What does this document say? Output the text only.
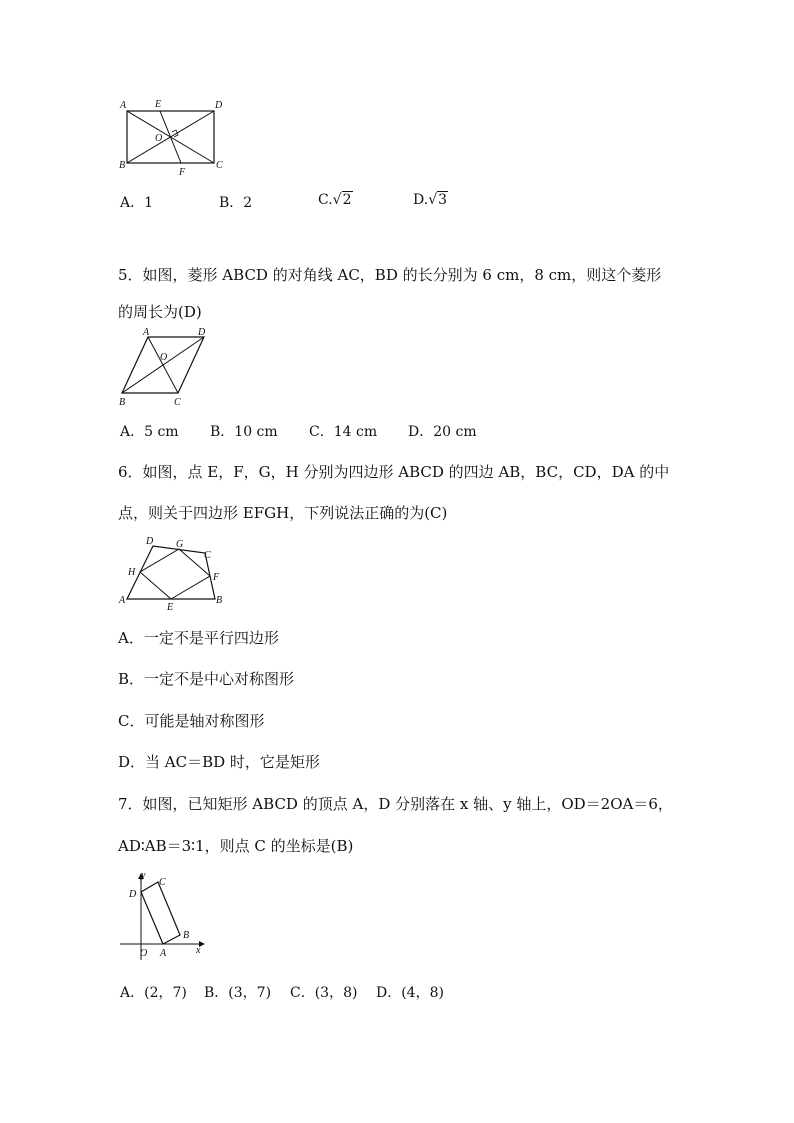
A	E	D
O
B
F
C
A．1	B．2	C.√2	D.√3
5．如图，菱形 ABCD 的对角线 AC，BD 的长分别为 6 cm，8 cm，则这个菱形
的周长为(D)
A	D
O
B	C
A．5 cm B．10 cm C．14 cm D．20 cm
6．如图，点 E，F，G，H 分别为四边形 ABCD 的四边 AB，BC，CD，DA 的中
点，则关于四边形 EFGH，下列说法正确的为(C)
D G
C
H	F
A
E
B
A．一定不是平行四边形
B．一定不是中心对称图形
C．可能是轴对称图形
D．当 AC＝BD 时，它是矩形
7．如图，已知矩形 ABCD 的顶点 A，D 分别落在 x 轴、y 轴上，OD＝2OA＝6，
AD∶AB＝3∶1，则点 C 的坐标是(B)
y
C
D
B
O A	x
A．(2，7) B．(3，7) C．(3，8) D．(4，8)
